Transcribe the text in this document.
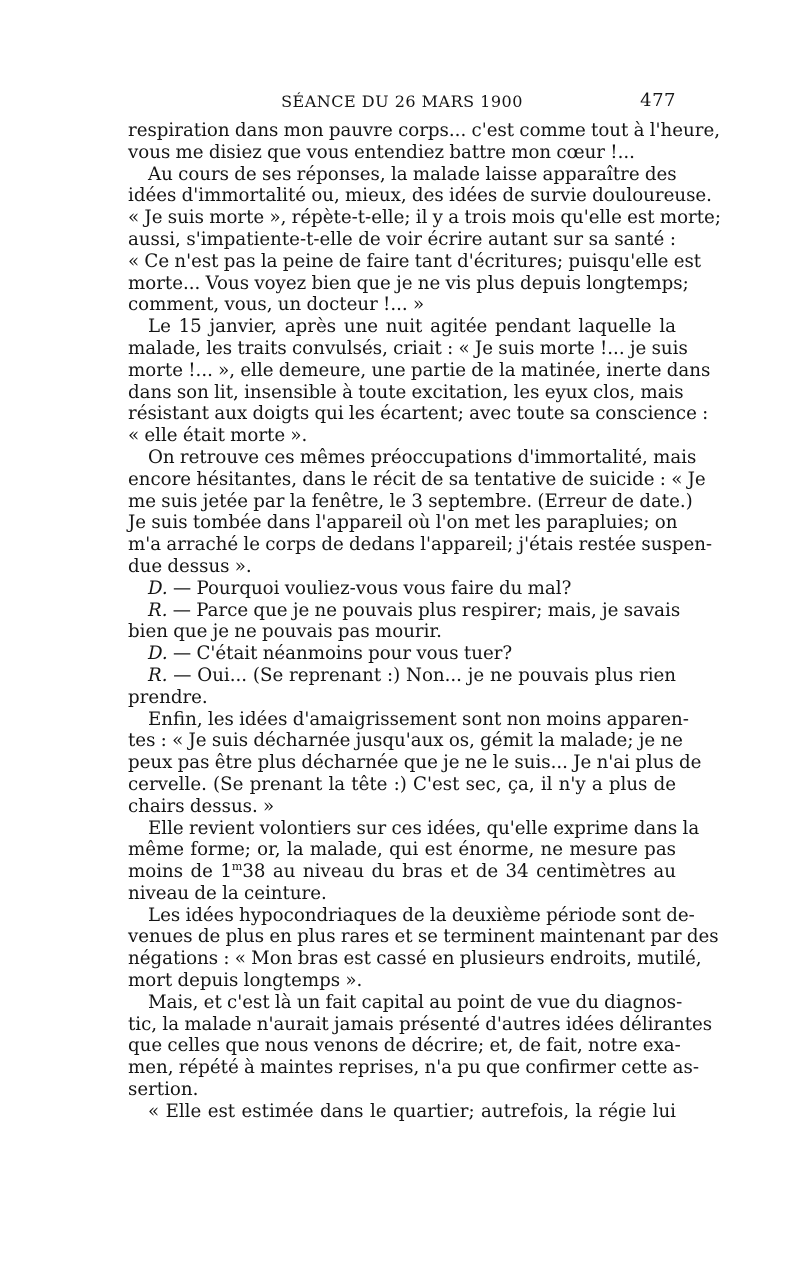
SÉANCE DU 26 MARS 1900	477
respiration dans mon pauvre corps... c'est comme tout à l'heure,
vous me disiez que vous entendiez battre mon cœur !...
Au cours de ses réponses, la malade laisse apparaître des
idées d'immortalité ou, mieux, des idées de survie douloureuse.
« Je suis morte », répète-t-elle; il y a trois mois qu'elle est morte;
aussi, s'impatiente-t-elle de voir écrire autant sur sa santé :
« Ce n'est pas la peine de faire tant d'écritures; puisqu'elle est
morte... Vous voyez bien que je ne vis plus depuis longtemps;
comment, vous, un docteur !... »
Le 15 janvier, après une nuit agitée pendant laquelle la
malade, les traits convulsés, criait : « Je suis morte !... je suis
morte !... », elle demeure, une partie de la matinée, inerte dans
dans son lit, insensible à toute excitation, les eyux clos, mais
résistant aux doigts qui les écartent; avec toute sa conscience :
« elle était morte ».
On retrouve ces mêmes préoccupations d'immortalité, mais
encore hésitantes, dans le récit de sa tentative de suicide : « Je
me suis jetée par la fenêtre, le 3 septembre. (Erreur de date.)
Je suis tombée dans l'appareil où l'on met les parapluies; on
m'a arraché le corps de dedans l'appareil; j'étais restée suspen-
due dessus ».
D. — Pourquoi vouliez-vous vous faire du mal?
R. — Parce que je ne pouvais plus respirer; mais, je savais
bien que je ne pouvais pas mourir.
D. — C'était néanmoins pour vous tuer?
R. — Oui... (Se reprenant :) Non... je ne pouvais plus rien
prendre.
Enfin, les idées d'amaigrissement sont non moins apparen-
tes : « Je suis décharnée jusqu'aux os, gémit la malade; je ne
peux pas être plus décharnée que je ne le suis... Je n'ai plus de
cervelle. (Se prenant la tête :) C'est sec, ça, il n'y a plus de
chairs dessus. »
Elle revient volontiers sur ces idées, qu'elle exprime dans la
même forme; or, la malade, qui est énorme, ne mesure pas
moins de 1$^m$38 au niveau du bras et de 34 centimètres au
niveau de la ceinture.
Les idées hypocondriaques de la deuxième période sont de-
venues de plus en plus rares et se terminent maintenant par des
négations : « Mon bras est cassé en plusieurs endroits, mutilé,
mort depuis longtemps ».
Mais, et c'est là un fait capital au point de vue du diagnos-
tic, la malade n'aurait jamais présenté d'autres idées délirantes
que celles que nous venons de décrire; et, de fait, notre exa-
men, répété à maintes reprises, n'a pu que confirmer cette as-
sertion.
« Elle est estimée dans le quartier; autrefois, la régie lui
